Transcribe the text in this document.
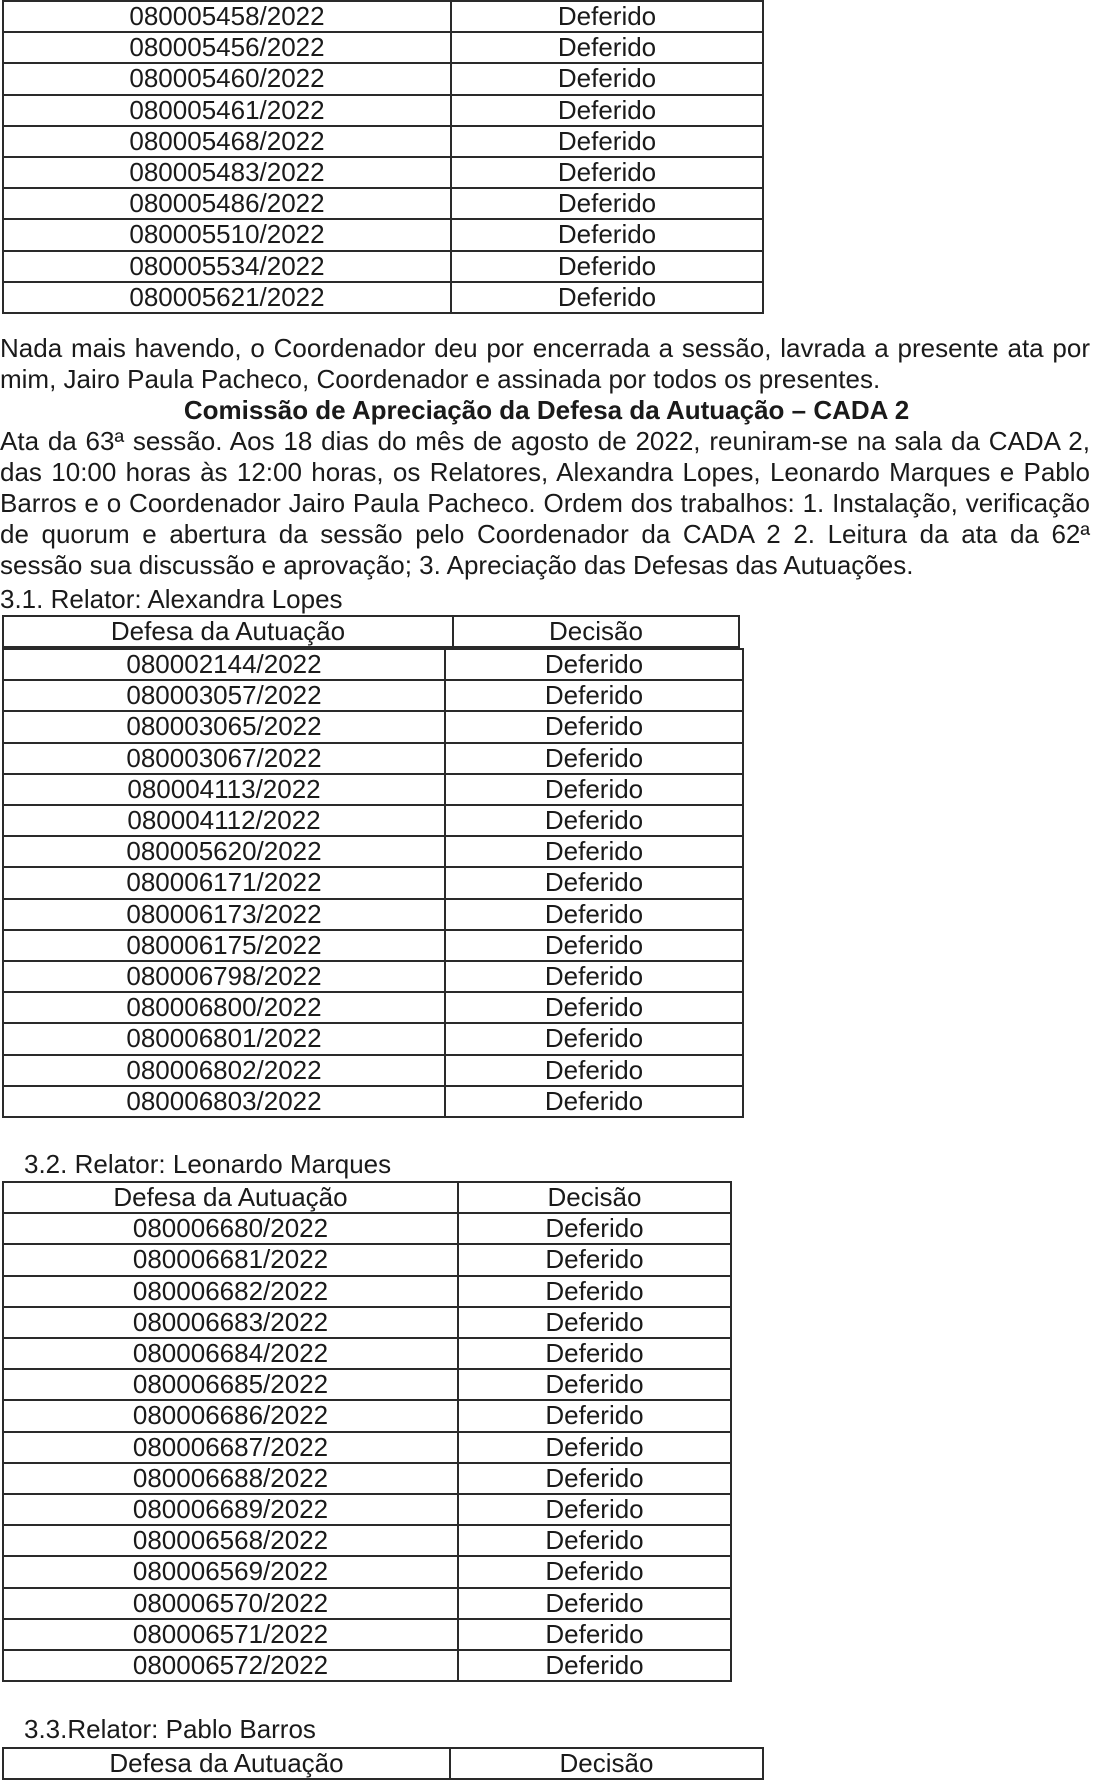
080005458/2022	Deferido
080005456/2022	Deferido
080005460/2022	Deferido
080005461/2022	Deferido
080005468/2022	Deferido
080005483/2022	Deferido
080005486/2022	Deferido
080005510/2022	Deferido
080005534/2022	Deferido
080005621/2022	Deferido
Nada mais havendo, o Coordenador deu por encerrada a sessão, lavrada a presente ata por mim, Jairo Paula Pacheco, Coordenador e assinada por todos os presentes.
Comissão de Apreciação da Defesa da Autuação – CADA 2
Ata da 63ª sessão. Aos 18 dias do mês de agosto de 2022, reuniram-se na sala da CADA 2, das 10:00 horas às 12:00 horas, os Relatores, Alexandra Lopes, Leonardo Marques e Pablo Barros e o Coordenador Jairo Paula Pacheco. Ordem dos trabalhos: 1. Instalação, verificação de quorum e abertura da sessão pelo Coordenador da CADA 2 2. Leitura da ata da 62ª sessão sua discussão e aprovação; 3. Apreciação das Defesas das Autuações.
3.1. Relator: Alexandra Lopes
Defesa da Autuação	Decisão
080002144/2022	Deferido
080003057/2022	Deferido
080003065/2022	Deferido
080003067/2022	Deferido
080004113/2022	Deferido
080004112/2022	Deferido
080005620/2022	Deferido
080006171/2022	Deferido
080006173/2022	Deferido
080006175/2022	Deferido
080006798/2022	Deferido
080006800/2022	Deferido
080006801/2022	Deferido
080006802/2022	Deferido
080006803/2022	Deferido
3.2. Relator: Leonardo Marques
Defesa da Autuação	Decisão
080006680/2022	Deferido
080006681/2022	Deferido
080006682/2022	Deferido
080006683/2022	Deferido
080006684/2022	Deferido
080006685/2022	Deferido
080006686/2022	Deferido
080006687/2022	Deferido
080006688/2022	Deferido
080006689/2022	Deferido
080006568/2022	Deferido
080006569/2022	Deferido
080006570/2022	Deferido
080006571/2022	Deferido
080006572/2022	Deferido
3.3.Relator: Pablo Barros
Defesa da Autuação	Decisão
